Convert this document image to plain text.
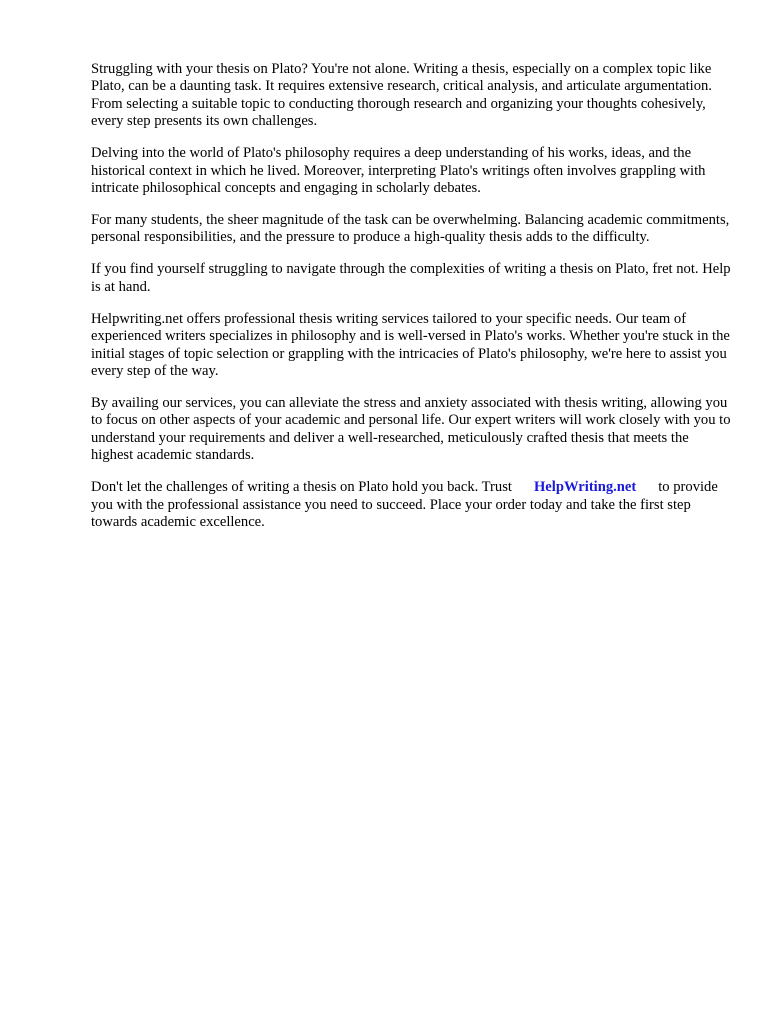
Struggling with your thesis on Plato? You're not alone. Writing a thesis, especially on a complex topic like Plato, can be a daunting task. It requires extensive research, critical analysis, and articulate argumentation. From selecting a suitable topic to conducting thorough research and organizing your thoughts cohesively, every step presents its own challenges.

Delving into the world of Plato's philosophy requires a deep understanding of his works, ideas, and the historical context in which he lived. Moreover, interpreting Plato's writings often involves grappling with intricate philosophical concepts and engaging in scholarly debates.

For many students, the sheer magnitude of the task can be overwhelming. Balancing academic commitments, personal responsibilities, and the pressure to produce a high-quality thesis adds to the difficulty.

If you find yourself struggling to navigate through the complexities of writing a thesis on Plato, fret not. Help is at hand.

Helpwriting.net offers professional thesis writing services tailored to your specific needs. Our team of experienced writers specializes in philosophy and is well-versed in Plato's works. Whether you're stuck in the initial stages of topic selection or grappling with the intricacies of Plato's philosophy, we're here to assist you every step of the way.

By availing our services, you can alleviate the stress and anxiety associated with thesis writing, allowing you to focus on other aspects of your academic and personal life. Our expert writers will work closely with you to understand your requirements and deliver a well-researched, meticulously crafted thesis that meets the highest academic standards.

Don't let the challenges of writing a thesis on Plato hold you back. Trust HelpWriting.net to provide you with the professional assistance you need to succeed. Place your order today and take the first step towards academic excellence.
